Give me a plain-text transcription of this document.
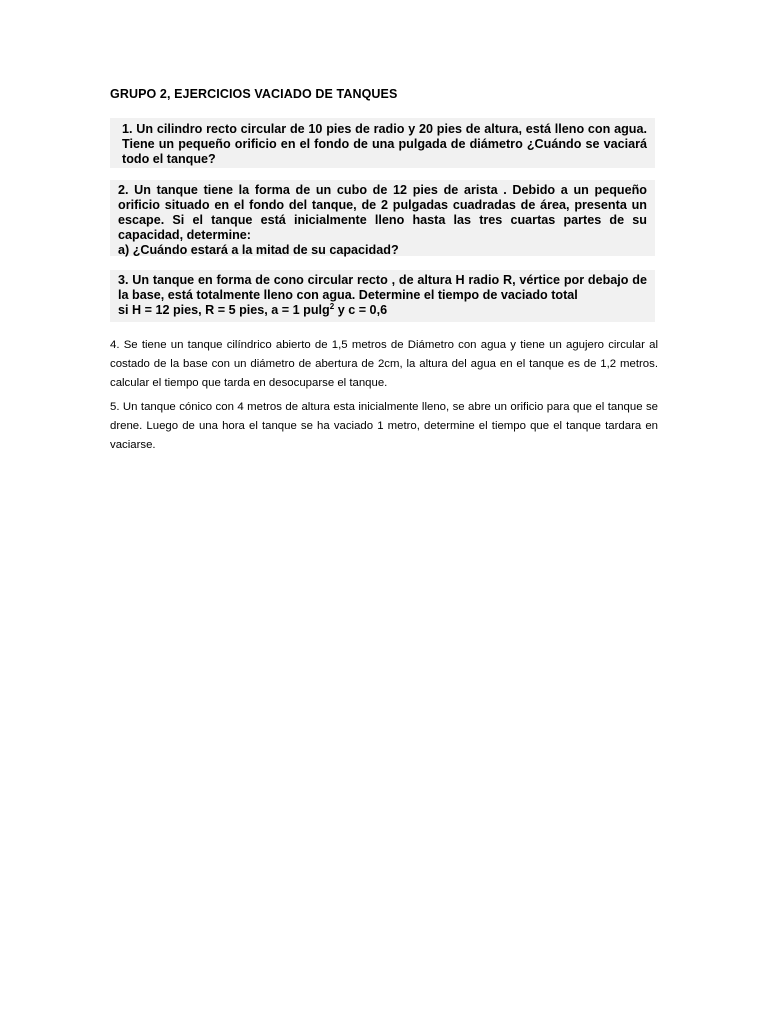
GRUPO 2, EJERCICIOS VACIADO DE TANQUES

1. Un cilindro recto circular de 10 pies de radio y 20 pies de altura, está lleno con agua. Tiene un pequeño orificio en el fondo de una pulgada de diámetro ¿Cuándo se vaciará todo el tanque?

2. Un tanque tiene la forma de un cubo de 12 pies de arista . Debido a un pequeño orificio situado en el fondo del tanque, de 2 pulgadas cuadradas de área, presenta un escape. Si el tanque está inicialmente lleno hasta las tres cuartas partes de su capacidad, determine:

a) ¿Cuándo estará a la mitad de su capacidad?

3. Un tanque en forma de cono circular recto , de altura H radio R, vértice por debajo de la base, está totalmente lleno con agua. Determine el tiempo de vaciado total

si H = 12 pies, R = 5 pies, a = 1 pulg$^2$ y c = 0,6

4. Se tiene un tanque cilíndrico abierto de 1,5 metros de Diámetro con agua y tiene un agujero circular al costado de la base con un diámetro de abertura de 2cm, la altura del agua en el tanque es de 1,2 metros. calcular el tiempo que tarda en desocuparse el tanque.

5. Un tanque cónico con 4 metros de altura esta inicialmente lleno, se abre un orificio para que el tanque se drene. Luego de una hora el tanque se ha vaciado 1 metro, determine el tiempo que el tanque tardara en vaciarse.
